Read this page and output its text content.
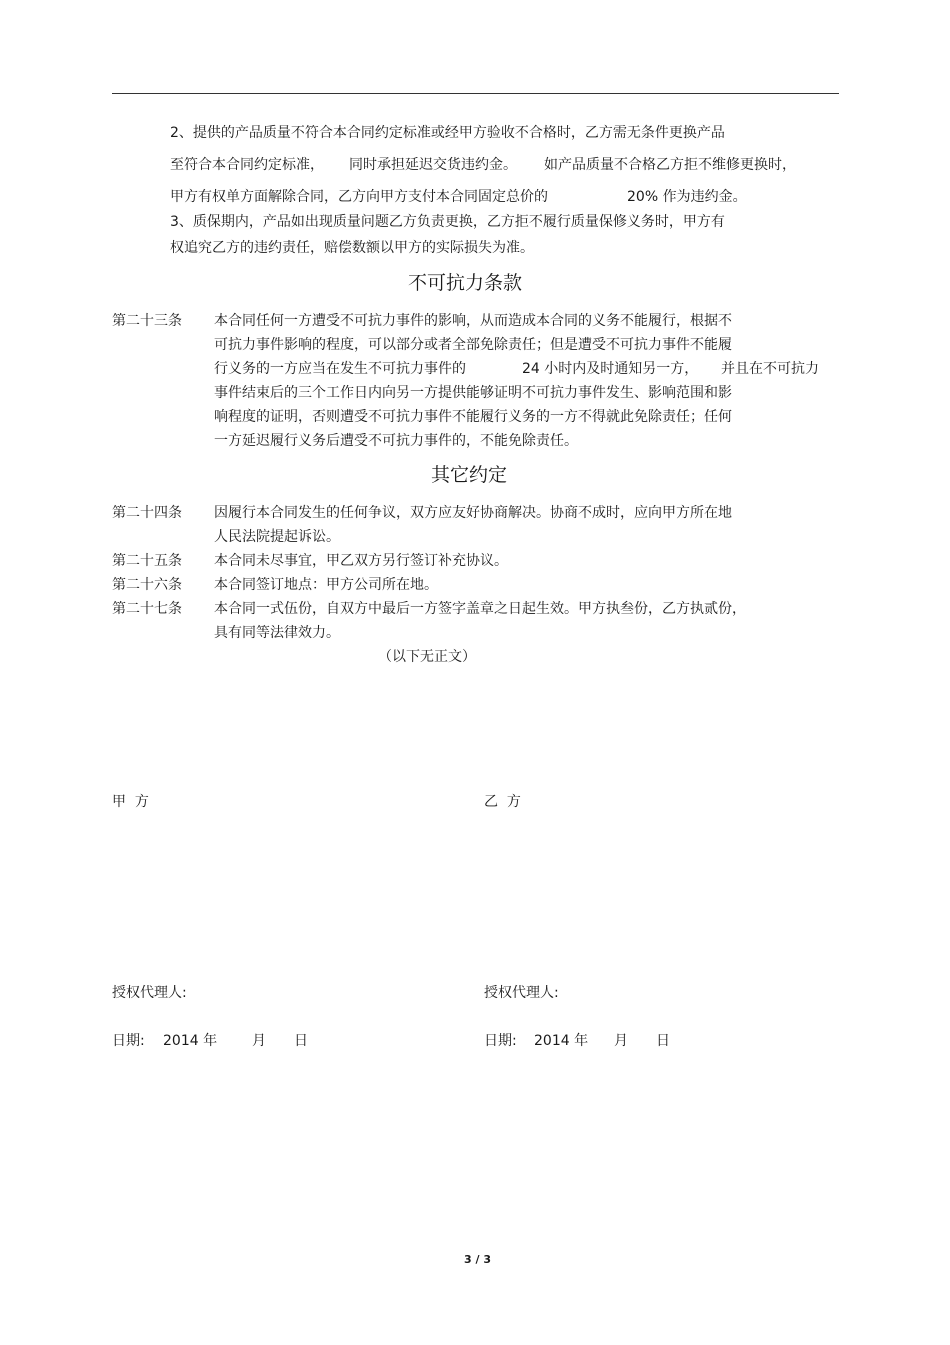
2、提供的产品质量不符合本合同约定标准或经甲方验收不合格时，乙方需无条件更换产品
至符合本合同约定标准， 同时承担延迟交货违约金。 如产品质量不合格乙方拒不维修更换时，
甲方有权单方面解除合同，乙方向甲方支付本合同固定总价的	20% 作为违约金。
3、质保期内，产品如出现质量问题乙方负责更换，乙方拒不履行质量保修义务时，甲方有
权追究乙方的违约责任，赔偿数额以甲方的实际损失为准。
不可抗力条款
第二十三条 本合同任何一方遭受不可抗力事件的影响，从而造成本合同的义务不能履行，根据不
可抗力事件影响的程度，可以部分或者全部免除责任；但是遭受不可抗力事件不能履
行义务的一方应当在发生不可抗力事件的	24 小时内及时通知另一方， 并且在不可抗力
事件结束后的三个工作日内向另一方提供能够证明不可抗力事件发生、影响范围和影
响程度的证明，否则遭受不可抗力事件不能履行义务的一方不得就此免除责任；任何
一方延迟履行义务后遭受不可抗力事件的，不能免除责任。
其它约定
第二十四条 因履行本合同发生的任何争议，双方应友好协商解决。协商不成时，应向甲方所在地
人民法院提起诉讼。
第二十五条 本合同未尽事宜，甲乙双方另行签订补充协议。
第二十六条 本合同签订地点：甲方公司所在地。
第二十七条 本合同一式伍份，自双方中最后一方签字盖章之日起生效。甲方执叁份，乙方执贰份，
具有同等法律效力。
（以下无正文）
甲  方	乙  方
授权代理人:	授权代理人:
日期: 2014 年 月 日	日期: 2014 年 月 日
3 / 3
